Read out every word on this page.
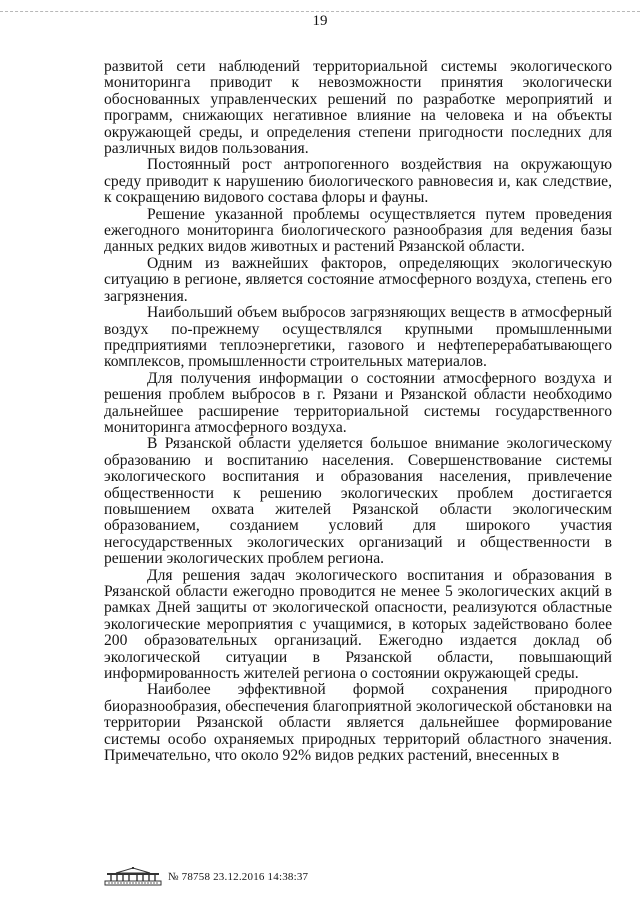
19

развитой сети наблюдений территориальной системы экологического мониторинга приводит к невозможности принятия экологически обоснованных управленческих решений по разработке мероприятий и программ, снижающих негативное влияние на человека и на объекты окружающей среды, и определения степени пригодности последних для различных видов пользования.

Постоянный рост антропогенного воздействия на окружающую среду приводит к нарушению биологического равновесия и, как следствие, к сокращению видового состава флоры и фауны.

Решение указанной проблемы осуществляется путем проведения ежегодного мониторинга биологического разнообразия для ведения базы данных редких видов животных и растений Рязанской области.

Одним из важнейших факторов, определяющих экологическую ситуацию в регионе, является состояние атмосферного воздуха, степень его загрязнения.

Наибольший объем выбросов загрязняющих веществ в атмосферный воздух по-прежнему осуществлялся крупными промышленными предприятиями теплоэнергетики, газового и нефтеперерабатывающего комплексов, промышленности строительных материалов.

Для получения информации о состоянии атмосферного воздуха и решения проблем выбросов в г. Рязани и Рязанской области необходимо дальнейшее расширение территориальной системы государственного мониторинга атмосферного воздуха.

В Рязанской области уделяется большое внимание экологическому образованию и воспитанию населения. Совершенствование системы экологического воспитания и образования населения, привлечение общественности к решению экологических проблем достигается повышением охвата жителей Рязанской области экологическим образованием, созданием условий для широкого участия негосударственных экологических организаций и общественности в решении экологических проблем региона.

Для решения задач экологического воспитания и образования в Рязанской области ежегодно проводится не менее 5 экологических акций в рамках Дней защиты от экологической опасности, реализуются областные экологические мероприятия с учащимися, в которых задействовано более 200 образовательных организаций. Ежегодно издается доклад об экологической ситуации в Рязанской области, повышающий информированность жителей региона о состоянии окружающей среды.

Наиболее эффективной формой сохранения природного биоразнообразия, обеспечения благоприятной экологической обстановки на территории Рязанской области является дальнейшее формирование системы особо охраняемых природных территорий областного значения. Примечательно, что около 92% видов редких растений, внесенных в

№ 78758 23.12.2016 14:38:37
